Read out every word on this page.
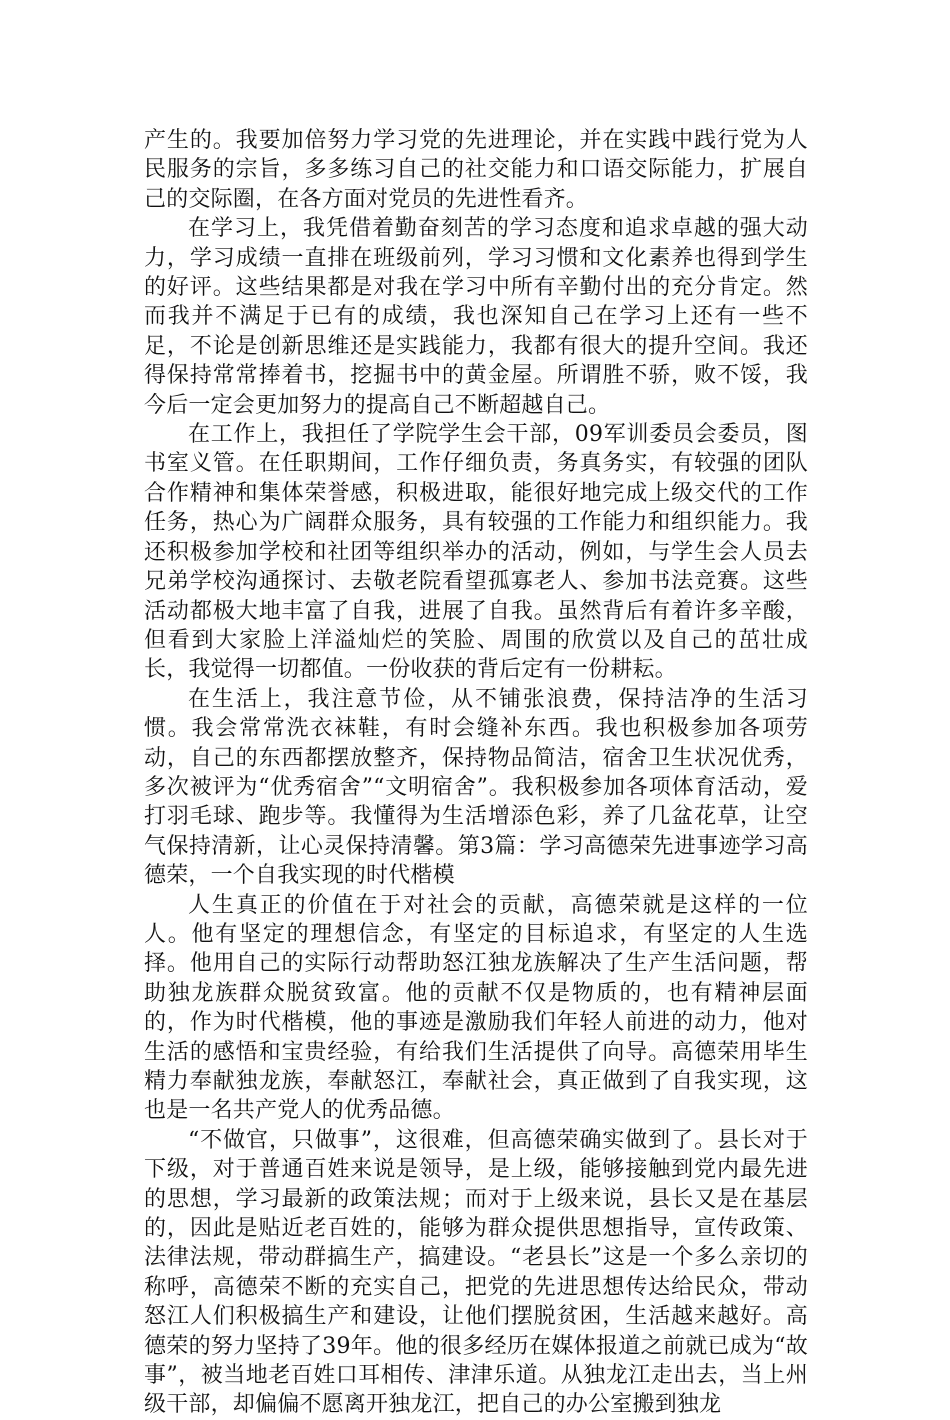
产生的。我要加倍努力学习党的先进理论，并在实践中践行党为人民服务的宗旨，多多练习自己的社交能力和口语交际能力，扩展自己的交际圈，在各方面对党员的先进性看齐。

在学习上，我凭借着勤奋刻苦的学习态度和追求卓越的强大动力，学习成绩一直排在班级前列，学习习惯和文化素养也得到学生的好评。这些结果都是对我在学习中所有辛勤付出的充分肯定。然而我并不满足于已有的成绩，我也深知自己在学习上还有一些不足，不论是创新思维还是实践能力，我都有很大的提升空间。我还得保持常常捧着书，挖掘书中的黄金屋。所谓胜不骄，败不馁，我今后一定会更加努力的提高自己不断超越自己。

在工作上，我担任了学院学生会干部，09军训委员会委员，图书室义管。在任职期间，工作仔细负责，务真务实，有较强的团队合作精神和集体荣誉感，积极进取，能很好地完成上级交代的工作任务，热心为广阔群众服务，具有较强的工作能力和组织能力。我还积极参加学校和社团等组织举办的活动，例如，与学生会人员去兄弟学校沟通探讨、去敬老院看望孤寡老人、参加书法竞赛。这些活动都极大地丰富了自我，进展了自我。虽然背后有着许多辛酸，但看到大家脸上洋溢灿烂的笑脸、周围的欣赏以及自己的茁壮成长，我觉得一切都值。一份收获的背后定有一份耕耘。

在生活上，我注意节俭，从不铺张浪费，保持洁净的生活习惯。我会常常洗衣袜鞋，有时会缝补东西。我也积极参加各项劳动，自己的东西都摆放整齐，保持物品简洁，宿舍卫生状况优秀，多次被评为“优秀宿舍”“文明宿舍”。我积极参加各项体育活动，爱打羽毛球、跑步等。我懂得为生活增添色彩，养了几盆花草，让空气保持清新，让心灵保持清馨。第3篇：学习高德荣先进事迹学习高德荣，一个自我实现的时代楷模

人生真正的价值在于对社会的贡献，高德荣就是这样的一位人。他有坚定的理想信念，有坚定的目标追求，有坚定的人生选择。他用自己的实际行动帮助怒江独龙族解决了生产生活问题，帮助独龙族群众脱贫致富。他的贡献不仅是物质的，也有精神层面的，作为时代楷模，他的事迹是激励我们年轻人前进的动力，他对生活的感悟和宝贵经验，有给我们生活提供了向导。高德荣用毕生精力奉献独龙族，奉献怒江，奉献社会，真正做到了自我实现，这也是一名共产党人的优秀品德。

“不做官，只做事”，这很难，但高德荣确实做到了。县长对于下级，对于普通百姓来说是领导，是上级，能够接触到党内最先进的思想，学习最新的政策法规；而对于上级来说，县长又是在基层的，因此是贴近老百姓的，能够为群众提供思想指导，宣传政策、法律法规，带动群搞生产，搞建设。“老县长”这是一个多么亲切的称呼，高德荣不断的充实自己，把党的先进思想传达给民众，带动怒江人们积极搞生产和建设，让他们摆脱贫困，生活越来越好。高德荣的努力坚持了39年。他的很多经历在媒体报道之前就已成为“故事”，被当地老百姓口耳相传、津津乐道。从独龙江走出去，当上州级干部，却偏偏不愿离开独龙江，把自己的办公室搬到独龙
